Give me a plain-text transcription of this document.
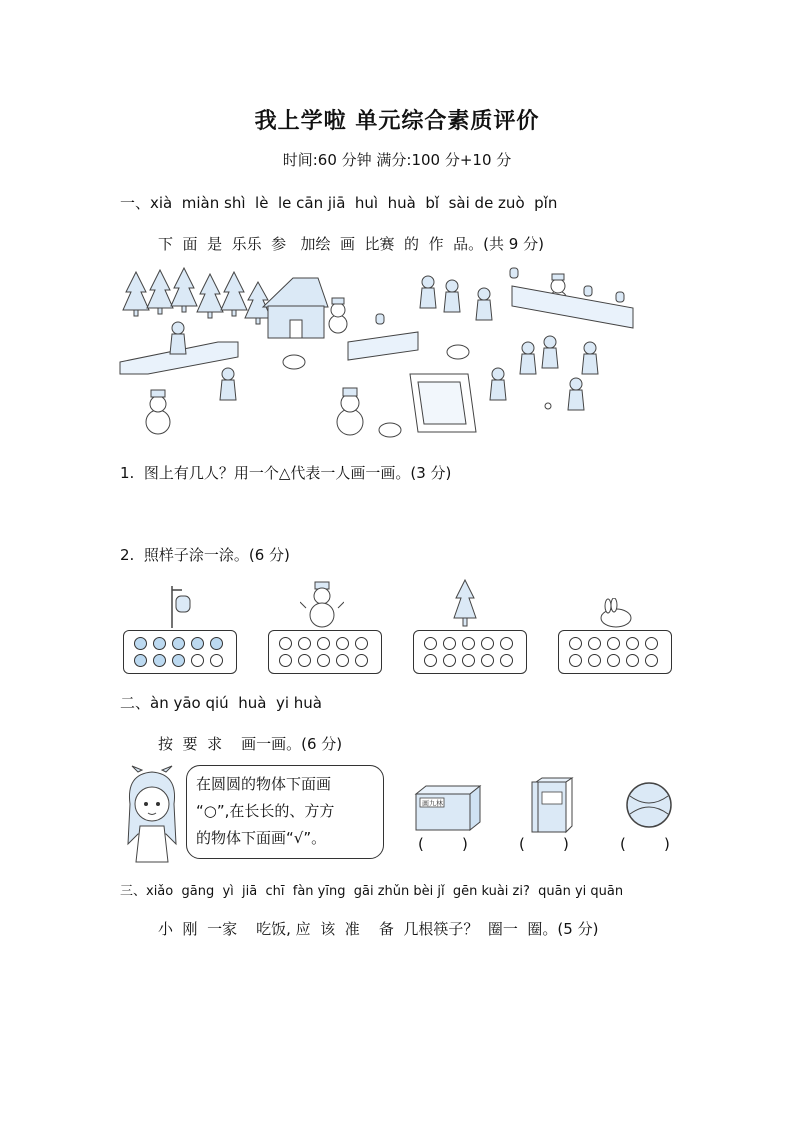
我上学啦 单元综合素质评价
时间:60 分钟 满分:100 分+10 分
一、xià  miàn shì  lè  le cān jiā  huì  huà  bǐ  sài de zuò  pǐn
下  面  是  乐乐  参   加绘  画  比赛  的  作  品。(共 9 分)
1.  图上有几人？用一个△代表一人画一画。(3 分)
2.  照样子涂一涂。(6 分)
二、àn yāo qiú  huà  yi huà
按  要  求    画一画。(6 分)
在圆圆的物体下面画
“○”,在长长的、方方
的物体下面画“√”。
画九林
(        )	(        )	(        )
三、xiǎo  gāng  yì  jiā  chī  fàn yīng  gāi zhǔn bèi jǐ  gēn kuài zi?  quān yi quān
小  刚  一家    吃饭, 应  该  准    备  几根筷子？  圈一  圈。(5 分)
